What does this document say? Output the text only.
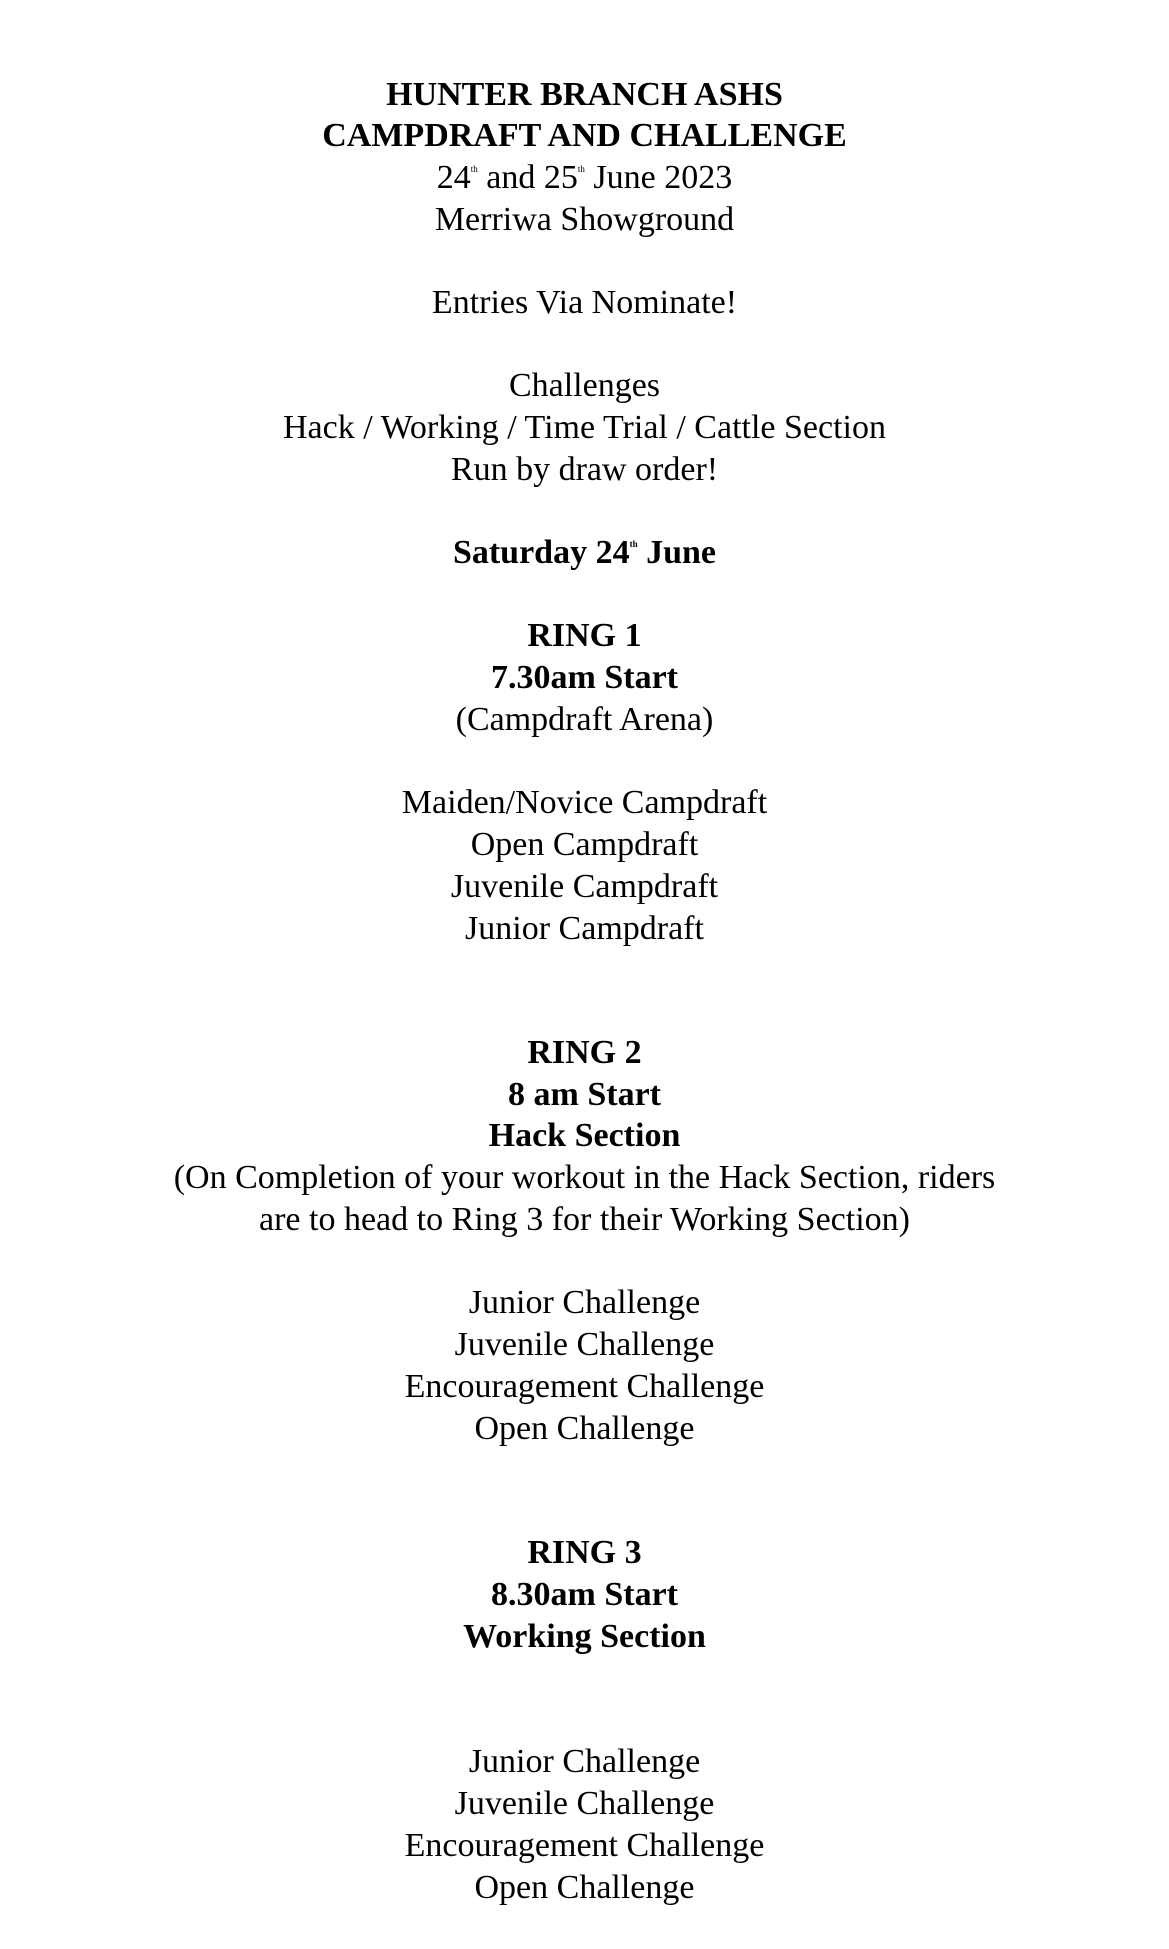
HUNTER BRANCH ASHS
CAMPDRAFT AND CHALLENGE
24th and 25th June 2023
Merriwa Showground
Entries Via Nominate!
Challenges
Hack / Working / Time Trial / Cattle Section
Run by draw order!
Saturday 24th June
RING 1
7.30am Start
(Campdraft Arena)
Maiden/Novice Campdraft
Open Campdraft
Juvenile Campdraft
Junior Campdraft
RING 2
8 am Start
Hack Section
(On Completion of your workout in the Hack Section, riders
are to head to Ring 3 for their Working Section)
Junior Challenge
Juvenile Challenge
Encouragement Challenge
Open Challenge
RING 3
8.30am Start
Working Section
Junior Challenge
Juvenile Challenge
Encouragement Challenge
Open Challenge
